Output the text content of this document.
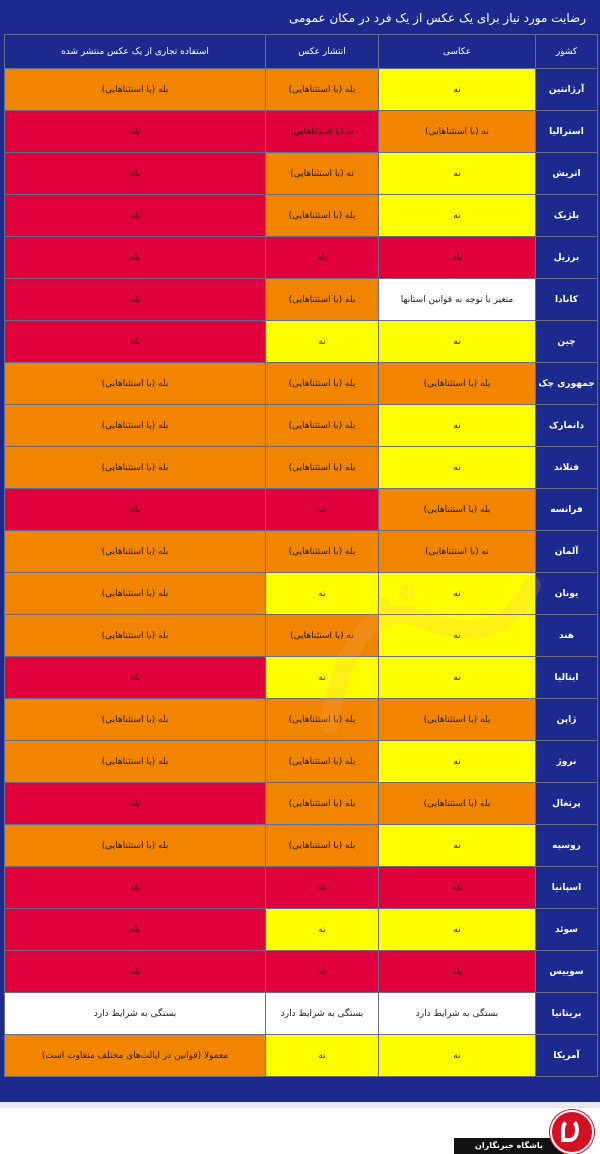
رضایت مورد نیاز برای یک عکس از یک فرد در مکان عمومی
کشور	عکاسی	انتشار عکس	استفاده تجاری از یک عکس منتشر شده
آرژانتین	نه	بله (با استثناهایی)	بله (با استثناهایی)
استرالیا	نه (با استثناهایی)	نه (با استثناهایی)	بله
اتریش	نه	نه (با استثناهایی)	بله
بلژیک	نه	بله (با استثناهایی)	بله
برزیل	بله	بله	بله
کانادا	متغیر با توجه به قوانین استانها	بله (با استثناهایی)	بله
چین	نه	نه	بله
جمهوری چک	بله (با استثناهایی)	بله (با استثناهایی)	بله (با استثناهایی)
دانمارک	نه	بله (با استثناهایی)	بله (با استثناهایی)
فنلاند	نه	بله (با استثناهایی)	بله (با استثناهایی)
فرانسه	بله (با استثناهایی)	بله	بله
آلمان	نه (با استثناهایی)	بله (با استثناهایی)	بله (با استثناهایی)
یونان	نه	نه	بله (با استثناهایی)
هند	نه	نه (با استثناهایی)	بله (با استثناهایی)
ایتالیا	نه	نه	بله
ژاپن	بله (با استثناهایی)	بله (با استثناهایی)	بله (با استثناهایی)
نروژ	نه	بله (با استثناهایی)	بله (با استثناهایی)
پرتغال	بله (با استثناهایی)	بله (با استثناهایی)	بله
روسیه	نه	بله (با استثناهایی)	بله (با استثناهایی)
اسپانیا	بله	بله	بله
سوئد	نه	نه	بله
سوییس	بله	بله	بله
بریتانیا	بستگی به شرایط دارد	بستگی به شرایط دارد	بستگی به شرایط دارد
آمریکا	نه	نه	معمولا (قوانین در ایالت‌های مختلف متفاوت است)
باشگاه خبرنگاران
